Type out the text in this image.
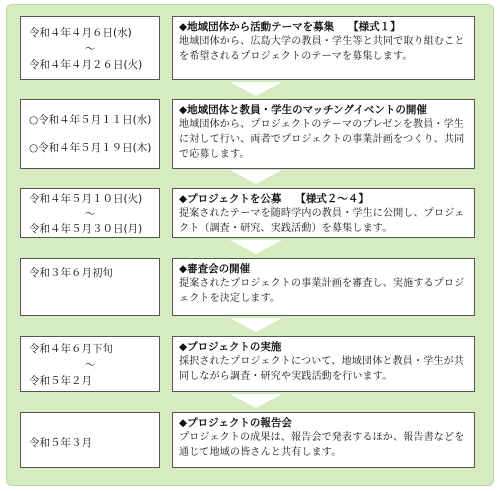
令和４年４月６日(水)
～
令和４年４月２６日(火)
◆地域団体から活動テーマを募集 【様式１】
地域団体から、広島大学の教員・学生等と共同で取り組むことを希望されるプロジェクトのテーマを募集します。
○令和４年５月１１日(水)
○令和４年５月１９日(木)
◆地域団体と教員・学生のマッチングイベントの開催
地域団体から、プロジェクトのテーマのプレゼンを教員・学生に対して行い、両者でプロジェクトの事業計画をつくり、共同で応募します。
令和４年５月１０日(火)
～
令和４年５月３０日(月)
◆プロジェクトを公募 【様式２～４】
提案されたテーマを随時学内の教員・学生に公開し、プロジェクト（調査・研究、実践活動）を募集します。
令和３年６月初旬	◆審査会の開催
提案されたプロジェクトの事業計画を審査し、実施するプロジェクトを決定します。
令和４年６月下旬
～
令和５年２月
◆プロジェクトの実施
採択されたプロジェクトについて、地域団体と教員・学生が共同しながら調査・研究や実践活動を行います。
令和５年３月
◆プロジェクトの報告会
プロジェクトの成果は、報告会で発表するほか、報告書などを通じて地域の皆さんと共有します。
